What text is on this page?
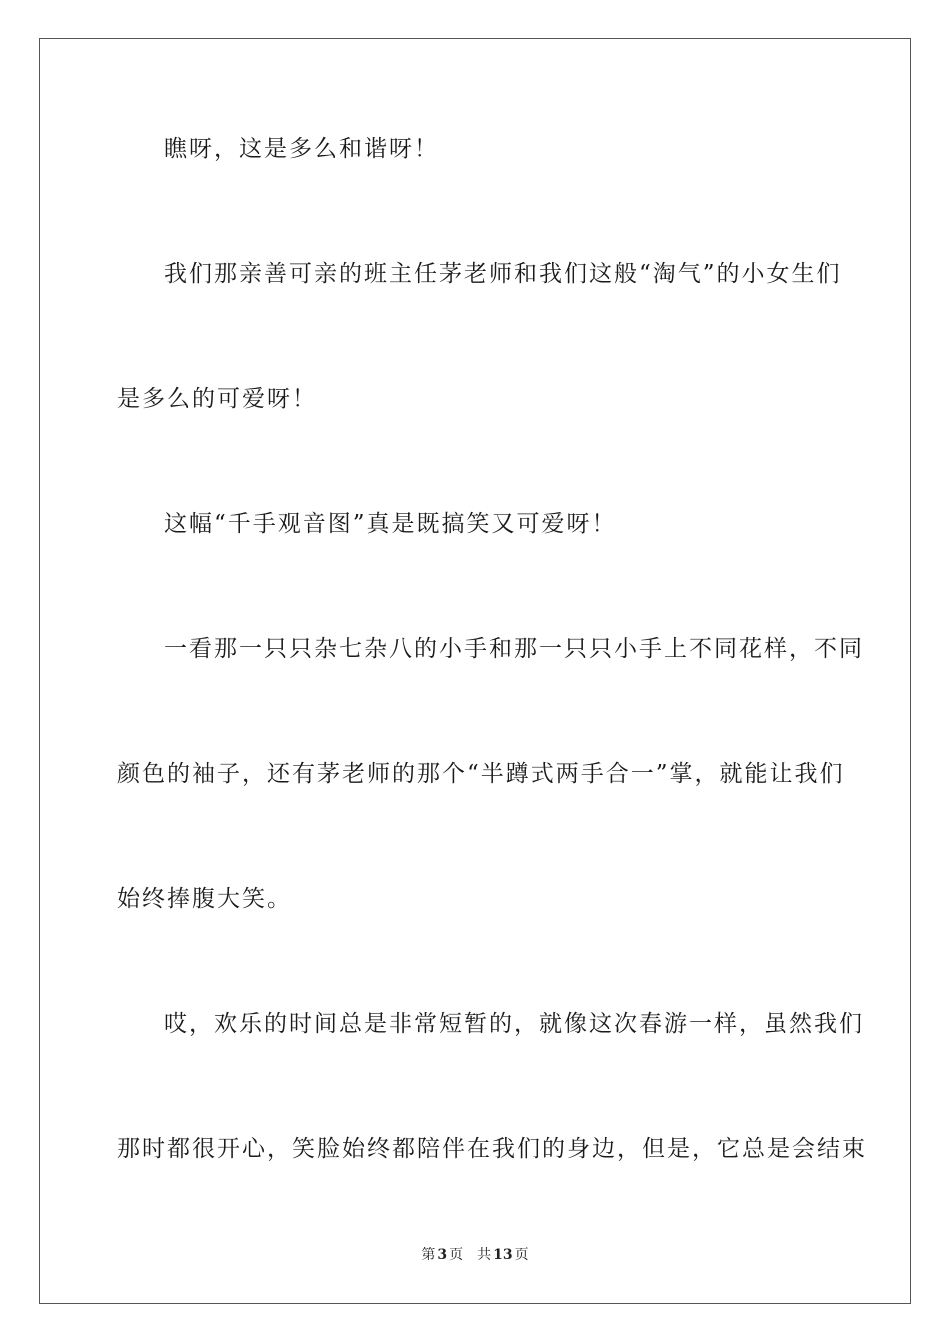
瞧呀，这是多么和谐呀！
我们那亲善可亲的班主任茅老师和我们这般“淘气”的小女生们
是多么的可爱呀！
这幅“千手观音图”真是既搞笑又可爱呀！
一看那一只只杂七杂八的小手和那一只只小手上不同花样，不同
颜色的袖子，还有茅老师的那个“半蹲式两手合一”掌，就能让我们
始终捧腹大笑。
哎，欢乐的时间总是非常短暂的，就像这次春游一样，虽然我们
那时都很开心，笑脸始终都陪伴在我们的身边，但是，它总是会结束
第 3 页 共 13 页
